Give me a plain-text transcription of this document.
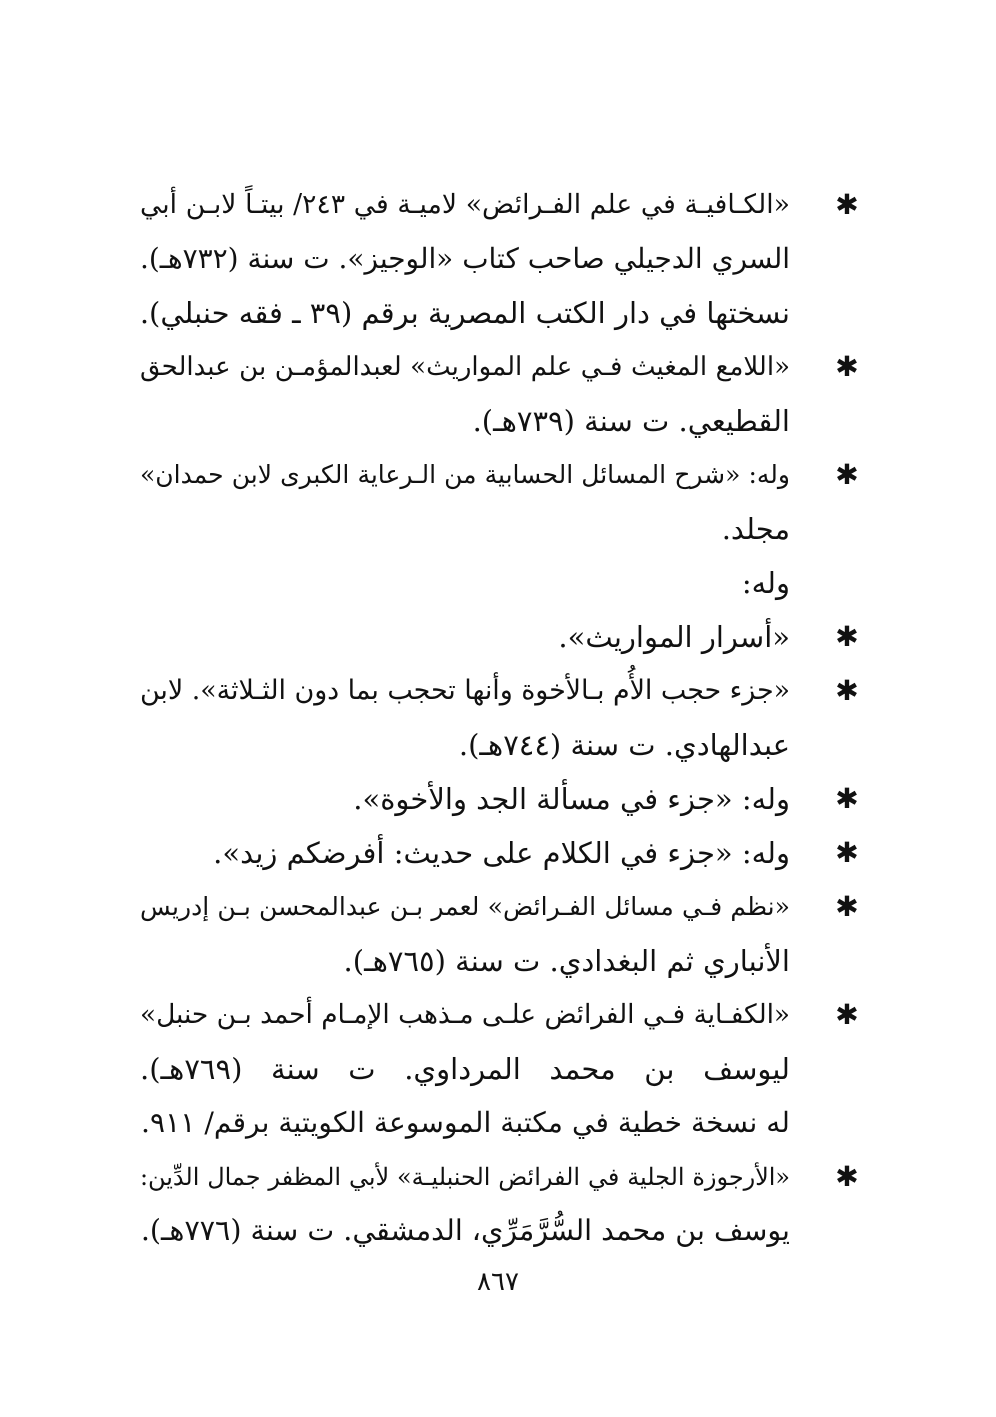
✱
«الكـافيـة في علم الفـرائض» لاميـة في ٢٤٣/ بيتـاً لابـن أبي
السري الدجيلي صاحب كتاب «الوجيز». ت سنة (٧٣٢هـ).
نسختها في دار الكتب المصرية برقم (٣٩ ـ فقه حنبلي).
✱
«اللامع المغيث فـي علم المواريث» لعبدالمؤمـن بن عبدالحق
القطيعي. ت سنة (٧٣٩هـ).
✱
وله: «شرح المسائل الحسابية من الـرعاية الكبرى لابن حمدان»
مجلد.
وله:
✱
«أسرار المواريث».
✱
«جزء حجب الأُم بـالأخوة وأنها تحجب بما دون الثـلاثة». لابن
عبدالهادي. ت سنة (٧٤٤هـ).
✱
وله: «جزء في مسألة الجد والأخوة».
✱
وله: «جزء في الكلام على حديث: أفرضكم زيد».
✱
«نظم فـي مسائل الفـرائض» لعمر بـن عبدالمحسن بـن إدريس
الأنباري ثم البغدادي. ت سنة (٧٦٥هـ).
✱
«الكفـاية فـي الفرائض علـى مـذهب الإمـام أحمد بـن حنبل»
ليوسف بن محمد المرداوي. ت سنة (٧٦٩هـ).
له نسخة خطية في مكتبة الموسوعة الكويتية برقم/ ٩١١.
✱
«الأرجوزة الجلية في الفرائض الحنبليـة» لأبي المظفر جمال الدِّين:
يوسف بن محمد السُّرَّمَرِّي، الدمشقي. ت سنة (٧٧٦هـ).
٨٦٧
